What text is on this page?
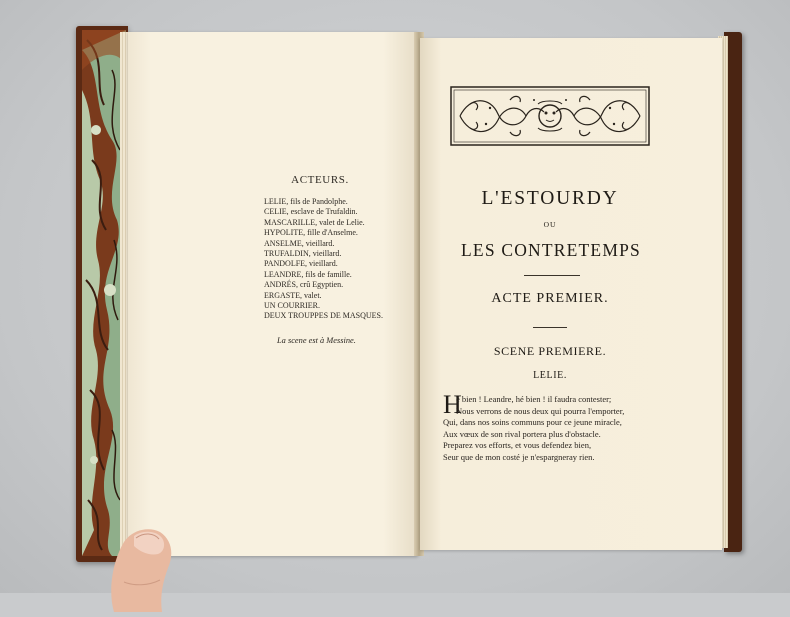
ACTEURS.
LELIE, fils de Pandolphe.
CELIE, esclave de Trufaldin.
MASCARILLE, valet de Lelie.
HYPOLITE, fille d'Anselme.
ANSELME, vieillard.
TRUFALDIN, vieillard.
PANDOLFE, vieillard.
LEANDRE, fils de famille.
ANDRÉS, crû Egyptien.
ERGASTE, valet.
UN COURRIER.
DEUX TROUPPES DE MASQUES.
La scene est à Messine.
L'ESTOURDY
OU
LES CONTRETEMPS
ACTE PREMIER.
SCENE PREMIERE.
LELIE.
H
é bien ! Leandre, hé bien ! il faudra contester;
Nous verrons de nous deux qui pourra l'emporter,
Qui, dans nos soins communs pour ce jeune miracle,
Aux vœux de son rival portera plus d'obstacle.
Preparez vos efforts, et vous defendez bien,
Seur que de mon costé je n'espargneray rien.
